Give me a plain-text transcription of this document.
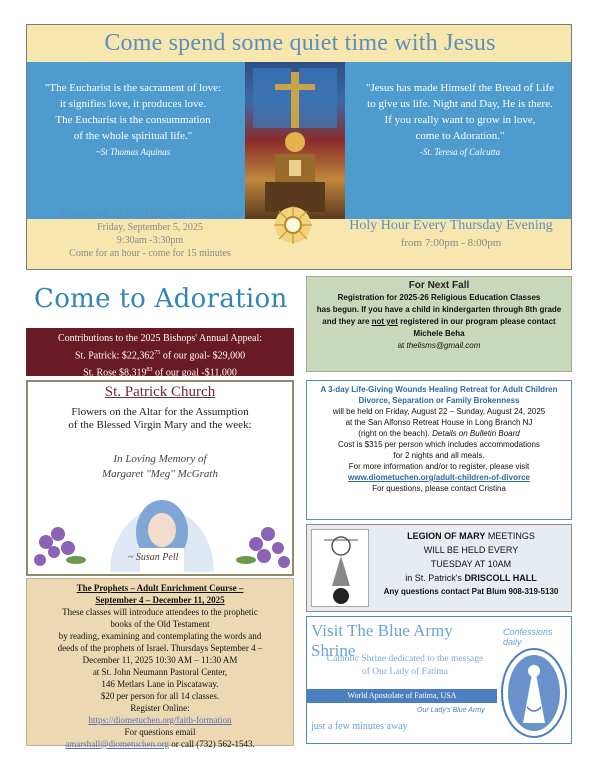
Come spend some quiet time with Jesus
"The Eucharist is the sacrament of love:
it signifies love, it produces love.
The Eucharist is the consummation
of the whole spiritual life."
~St Thomas Aquinas
"Jesus has made Himself the Bread of Life
to give us life. Night and Day, He is there.
If you really want to grow in love,
come to Adoration."
-St. Teresa of Calcutta
Adoration of the Blessed Sacrament
Friday, September 5, 2025
9:30am -3:30pm
Come for an hour - come for 15 minutes
Holy Hour Every Thursday Evening
from 7:00pm - 8:00pm
Come to Adoration
Contributions to the 2025 Bishops' Annual Appeal:
St. Patrick: $22,362$^{75}$ of our goal- $29,000
St. Rose $8,319$^{83}$ of our goal -$11,000
St. Patrick Church
Flowers on the Altar for the Assumption
of the Blessed Virgin Mary and the week:
In Loving Memory of
Margaret "Meg" McGrath
~ Susan Pell
The Prophets – Adult Enrichment Course –
September 4 – December 11, 2025
These classes will introduce attendees to the prophetic
books of the Old Testament
by reading, examining and contemplating the words and
deeds of the prophets of Israel. Thursdays September 4 –
December 11, 2025 10:30 AM – 11:30 AM
at St. John Neumann Pastoral Center,
146 Metlars Lane in Piscataway.
$20 per person for all 14 classes.
Register Online:
https://diometuchen.org/faith-formation
For questions email
amarshall@diometuchen.org or call (732) 562-1543.
For Next Fall
Registration for 2025-26 Religious Education Classes
has begun. If you have a child in kindergarten through 8th grade and they are not yet registered in our program please contact Michele Beha
at thelisms@gmail.com
A 3-day Life-Giving Wounds Healing Retreat for Adult Children
Divorce, Separation or Family Brokenness
will be held on Friday, August 22 – Sunday, August 24, 2025
at the San Alfonso Retreat House in Long Branch NJ
(right on the beach). Details on Bulletin Board
Cost is $315 per person which includes accommodations
for 2 nights and all meals.
For more information and/or to register, please visit
www.diometuchen.org/adult-children-of-divorce
For questions, please contact Cristina
LEGION OF MARY MEETINGS
WILL BE HELD EVERY
TUESDAY AT 10AM
in St. Patrick's DRISCOLL HALL
Any questions contact Pat Blum 908-319-5130
Visit The Blue Army Shrine
Confessions daily
Catholic Shrine dedicated to the message
of Our Lady of Fatima
World Apostolate of Fatima, USA
Our Lady's Blue Army
just a few minutes away
